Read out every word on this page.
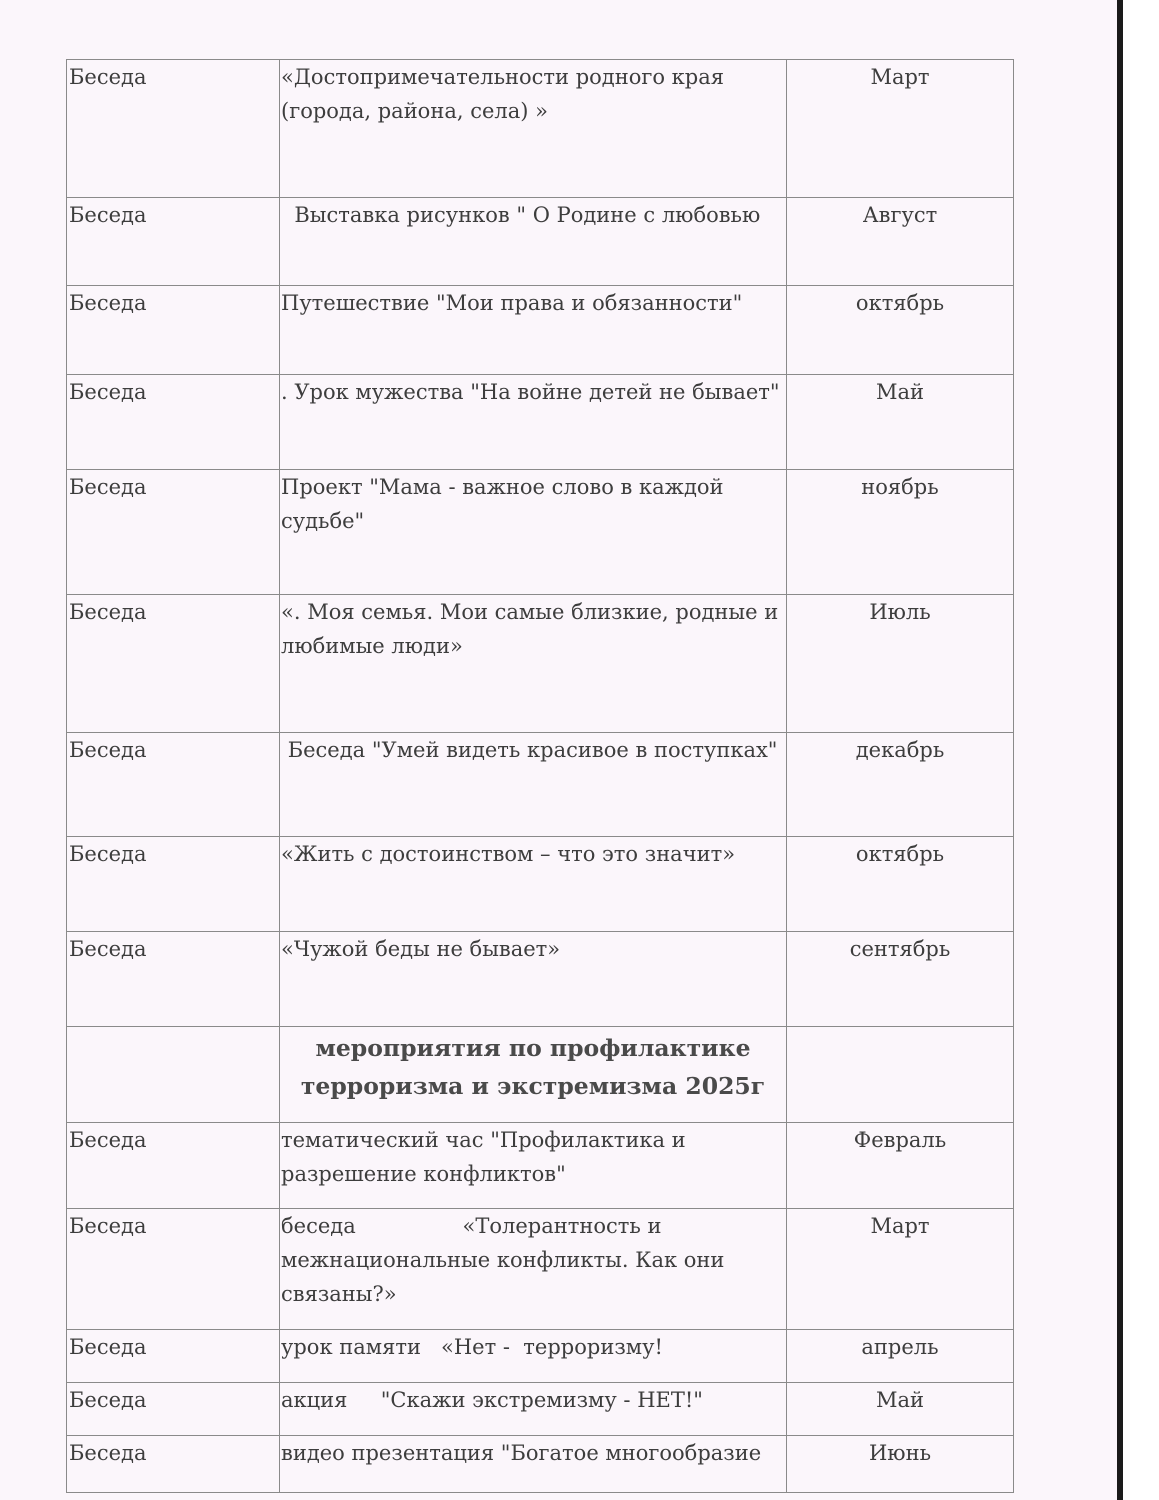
Беседа	«Достопримечательности родного края (города, района, села) »	Март
Беседа	Выставка рисунков " О Родине с любовью	Август
Беседа	Путешествие "Мои права и обязанности"	октябрь
Беседа	. Урок мужества "На войне детей не бывает"	Май
Беседа	Проект "Мама - важное слово в каждой судьбе"	ноябрь
Беседа	«. Моя семья. Мои самые близкие, родные и любимые люди»	Июль
Беседа	Беседа "Умей видеть красивое в поступках"	декабрь
Беседа	«Жить с достоинством – что это значит»	октябрь
Беседа	«Чужой беды не бывает»	сентябрь
	мероприятия по профилактике терроризма и экстремизма 2025г	
Беседа	тематический час "Профилактика и разрешение конфликтов"	Февраль
Беседа	беседа                «Толерантность и межнациональные конфликты. Как они связаны?»	Март
Беседа	урок памяти   «Нет -  терроризму!	апрель
Беседа	акция     "Скажи экстремизму - НЕТ!"	Май
Беседа	видео презентация "Богатое многообразие	Июнь
